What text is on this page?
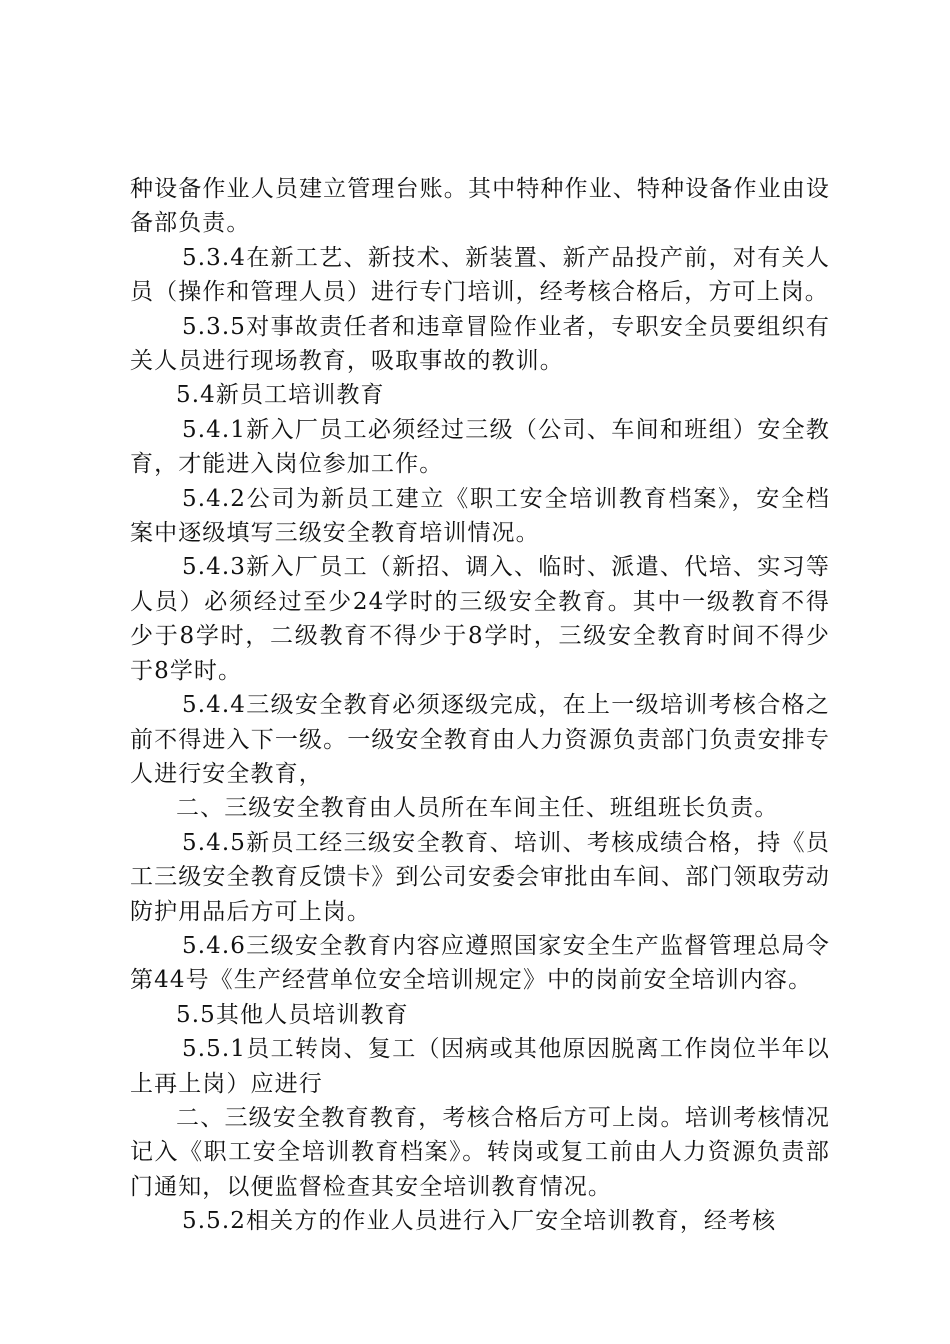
种设备作业人员建立管理台账。其中特种作业、特种设备作业由设备部负责。

5.3.4在新工艺、新技术、新装置、新产品投产前，对有关人员（操作和管理人员）进行专门培训，经考核合格后，方可上岗。

5.3.5对事故责任者和违章冒险作业者，专职安全员要组织有关人员进行现场教育，吸取事故的教训。

5.4新员工培训教育

5.4.1新入厂员工必须经过三级（公司、车间和班组）安全教育，才能进入岗位参加工作。

5.4.2公司为新员工建立《职工安全培训教育档案》，安全档案中逐级填写三级安全教育培训情况。

5.4.3新入厂员工（新招、调入、临时、派遣、代培、实习等人员）必须经过至少24学时的三级安全教育。其中一级教育不得少于8学时，二级教育不得少于8学时，三级安全教育时间不得少于8学时。

5.4.4三级安全教育必须逐级完成，在上一级培训考核合格之前不得进入下一级。一级安全教育由人力资源负责部门负责安排专人进行安全教育，

二、三级安全教育由人员所在车间主任、班组班长负责。

5.4.5新员工经三级安全教育、培训、考核成绩合格，持《员工三级安全教育反馈卡》到公司安委会审批由车间、部门领取劳动防护用品后方可上岗。

5.4.6三级安全教育内容应遵照国家安全生产监督管理总局令第44号《生产经营单位安全培训规定》中的岗前安全培训内容。

5.5其他人员培训教育

5.5.1员工转岗、复工（因病或其他原因脱离工作岗位半年以上再上岗）应进行

二、三级安全教育教育，考核合格后方可上岗。培训考核情况记入《职工安全培训教育档案》。转岗或复工前由人力资源负责部门通知，以便监督检查其安全培训教育情况。

5.5.2相关方的作业人员进行入厂安全培训教育，经考核
